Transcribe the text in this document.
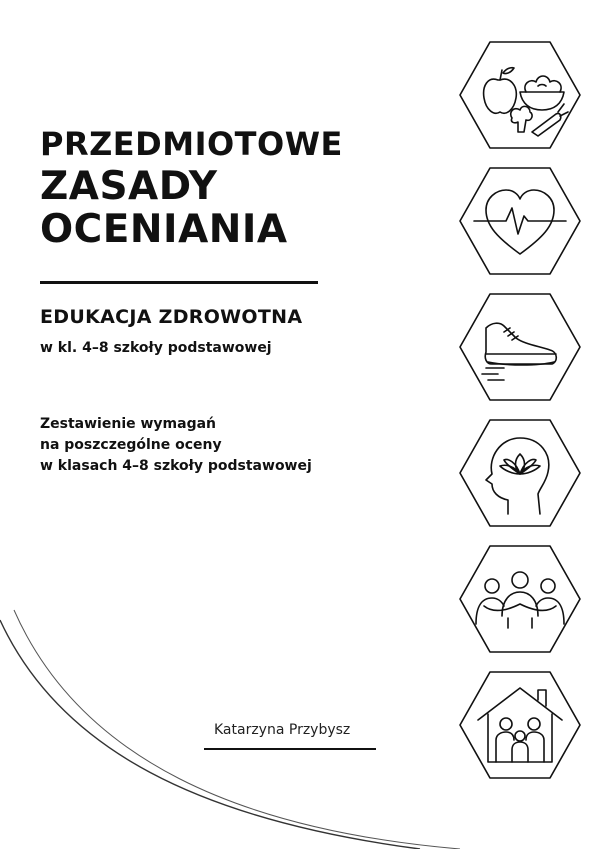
PRZEDMIOTOWE
ZASADY
OCENIANIA
EDUKACJA ZDROWOTNA
w kl. 4–8 szkoły podstawowej
Zestawienie wymagań
na poszczególne oceny
w klasach 4–8 szkoły podstawowej
Katarzyna Przybysz
